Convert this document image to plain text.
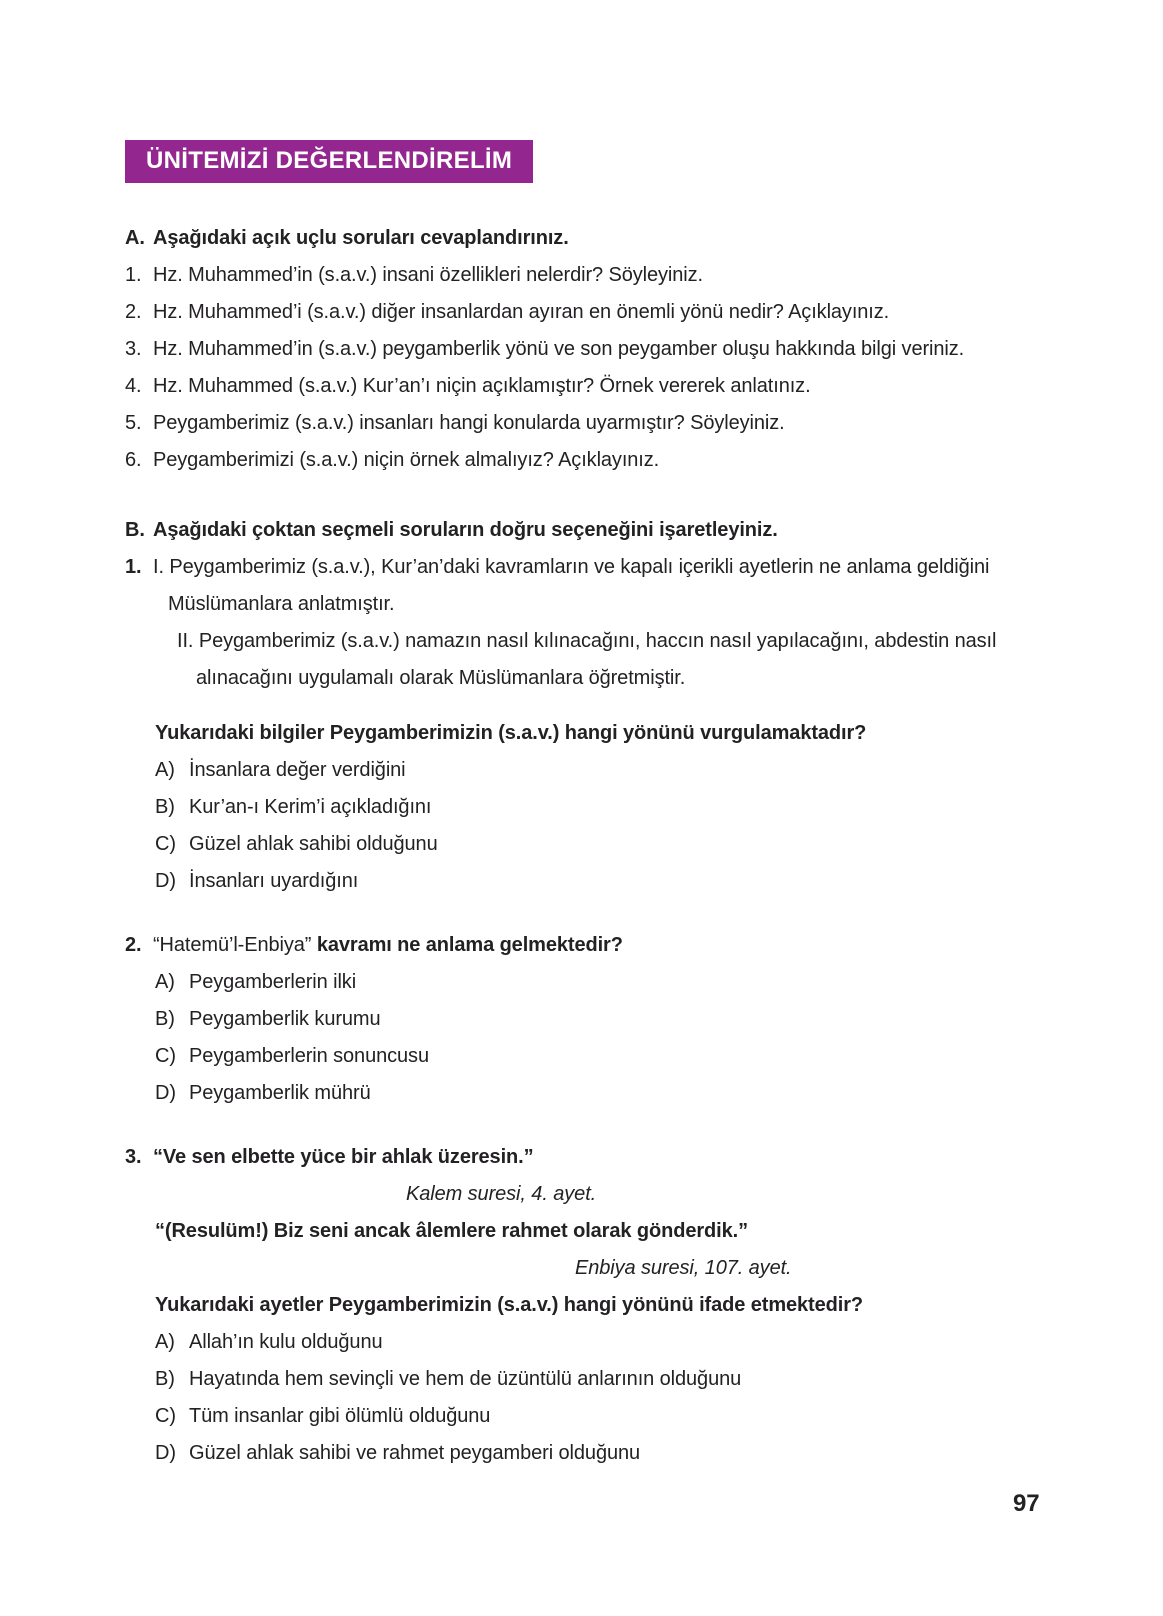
ÜNİTEMİZİ DEĞERLENDİRELİM
A. Aşağıdaki açık uçlu soruları cevaplandırınız.
1. Hz. Muhammed’in (s.a.v.) insani özellikleri nelerdir? Söyleyiniz.
2. Hz. Muhammed’i (s.a.v.) diğer insanlardan ayıran en önemli yönü nedir? Açıklayınız.
3. Hz. Muhammed’in (s.a.v.) peygamberlik yönü ve son peygamber oluşu hakkında bilgi veriniz.
4. Hz. Muhammed (s.a.v.) Kur’an’ı niçin açıklamıştır? Örnek vererek anlatınız.
5. Peygamberimiz (s.a.v.) insanları hangi konularda uyarmıştır? Söyleyiniz.
6. Peygamberimizi (s.a.v.) niçin örnek almalıyız? Açıklayınız.
B. Aşağıdaki çoktan seçmeli soruların doğru seçeneğini işaretleyiniz.
1. I. Peygamberimiz (s.a.v.), Kur’an’daki kavramların ve kapalı içerikli ayetlerin ne anlama geldiğini Müslümanlara anlatmıştır.
II. Peygamberimiz (s.a.v.) namazın nasıl kılınacağını, haccın nasıl yapılacağını, abdestin nasıl alınacağını uygulamalı olarak Müslümanlara öğretmiştir.
Yukarıdaki bilgiler Peygamberimizin (s.a.v.) hangi yönünü vurgulamaktadır?
A) İnsanlara değer verdiğini
B) Kur’an-ı Kerim’i açıkladığını
C) Güzel ahlak sahibi olduğunu
D) İnsanları uyardığını
2. “Hatemü’l-Enbiya” kavramı ne anlama gelmektedir?
A) Peygamberlerin ilki
B) Peygamberlik kurumu
C) Peygamberlerin sonuncusu
D) Peygamberlik mührü
3. “Ve sen elbette yüce bir ahlak üzeresin.”
Kalem suresi, 4. ayet.
“(Resulüm!) Biz seni ancak âlemlere rahmet olarak gönderdik.”
Enbiya suresi, 107. ayet.
Yukarıdaki ayetler Peygamberimizin (s.a.v.) hangi yönünü ifade etmektedir?
A) Allah’ın kulu olduğunu
B) Hayatında hem sevinçli ve hem de üzüntülü anlarının olduğunu
C) Tüm insanlar gibi ölümlü olduğunu
D) Güzel ahlak sahibi ve rahmet peygamberi olduğunu
97
